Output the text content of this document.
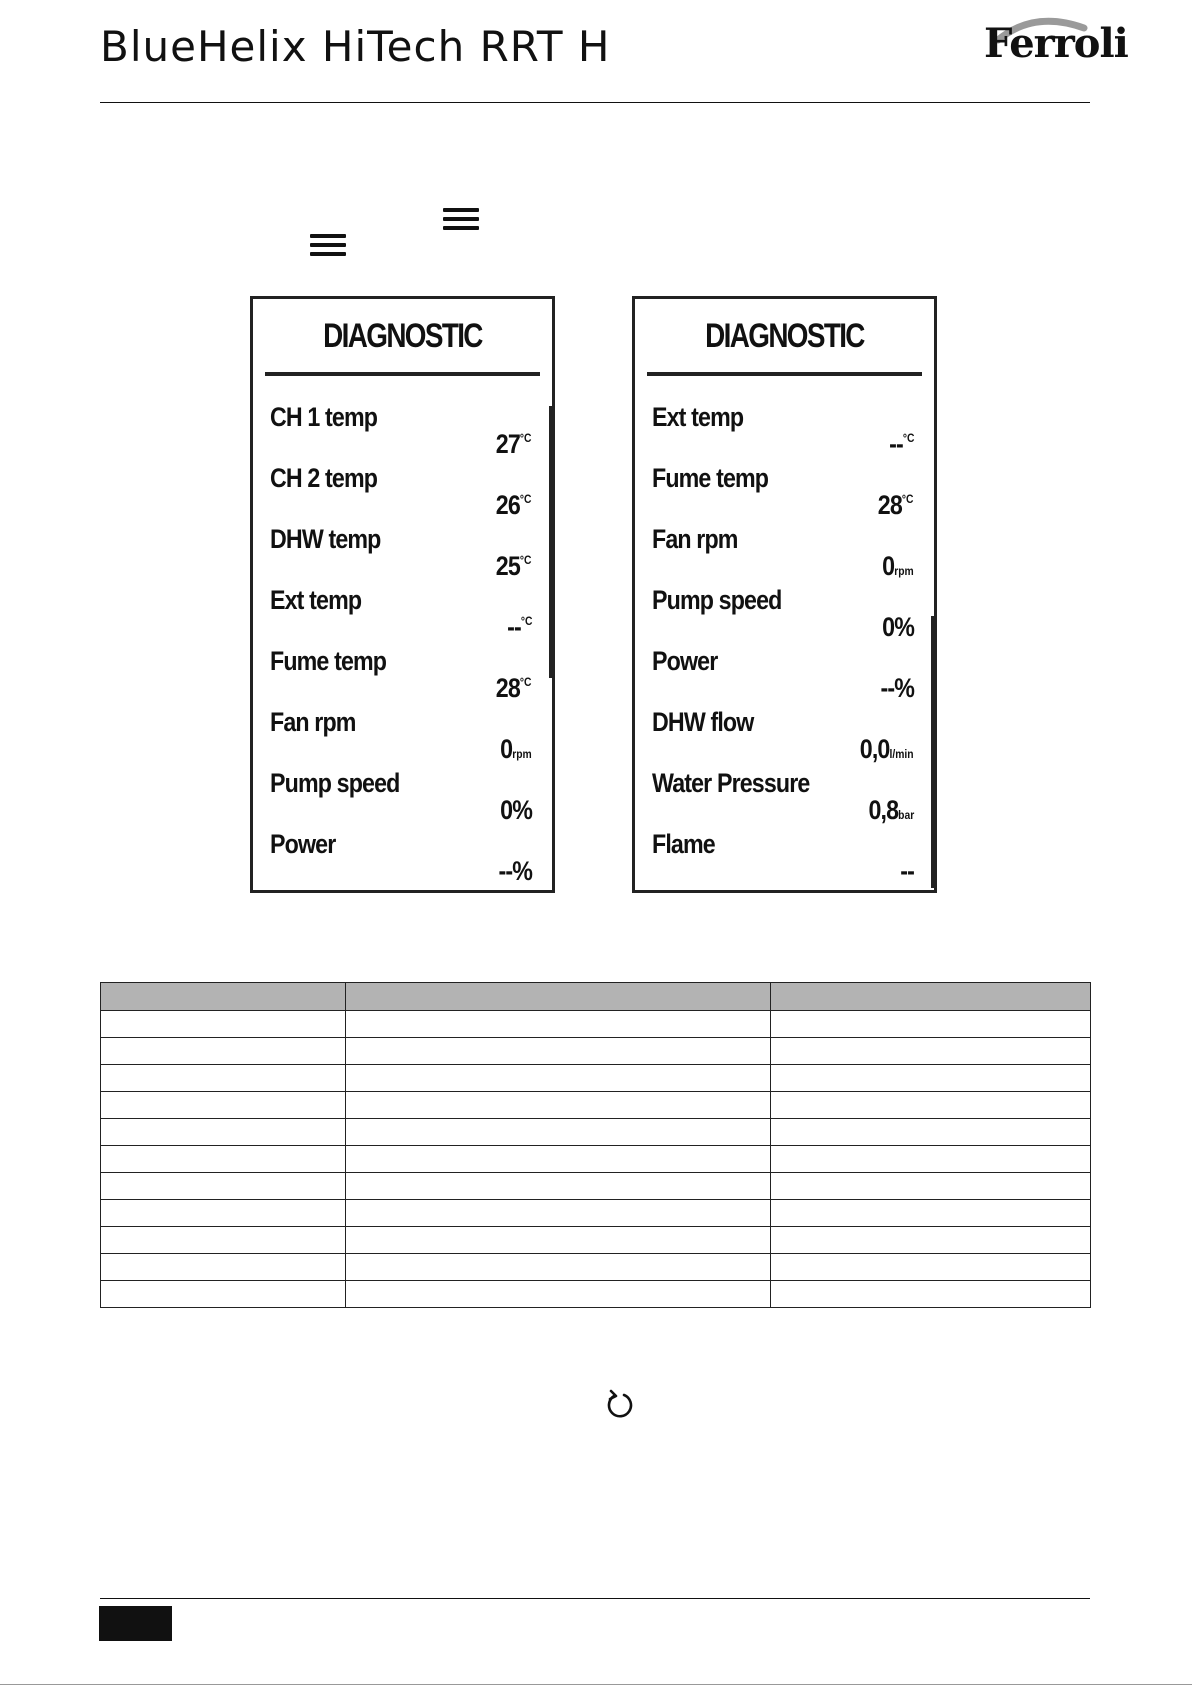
BlueHelix HiTech RRT H	Ferroli
DIAGNOSTIC
CH 1 temp
$27^{^\circ C}$
CH 2 temp
$26^{^\circ C}$
DHW temp
$25^{^\circ C}$
Ext temp
--$^{^\circ C}$
Fume temp
$28^{^\circ C}$
Fan rpm
0rpm
Pump speed
0%
Power
--%
DIAGNOSTIC
Ext temp
--$^{^\circ C}$
Fume temp
$28^{^\circ C}$
Fan rpm
0rpm
Pump speed
0%
Power
--%
DHW flow
0,0l/min
Water Pressure
0,8bar
Flame
--
